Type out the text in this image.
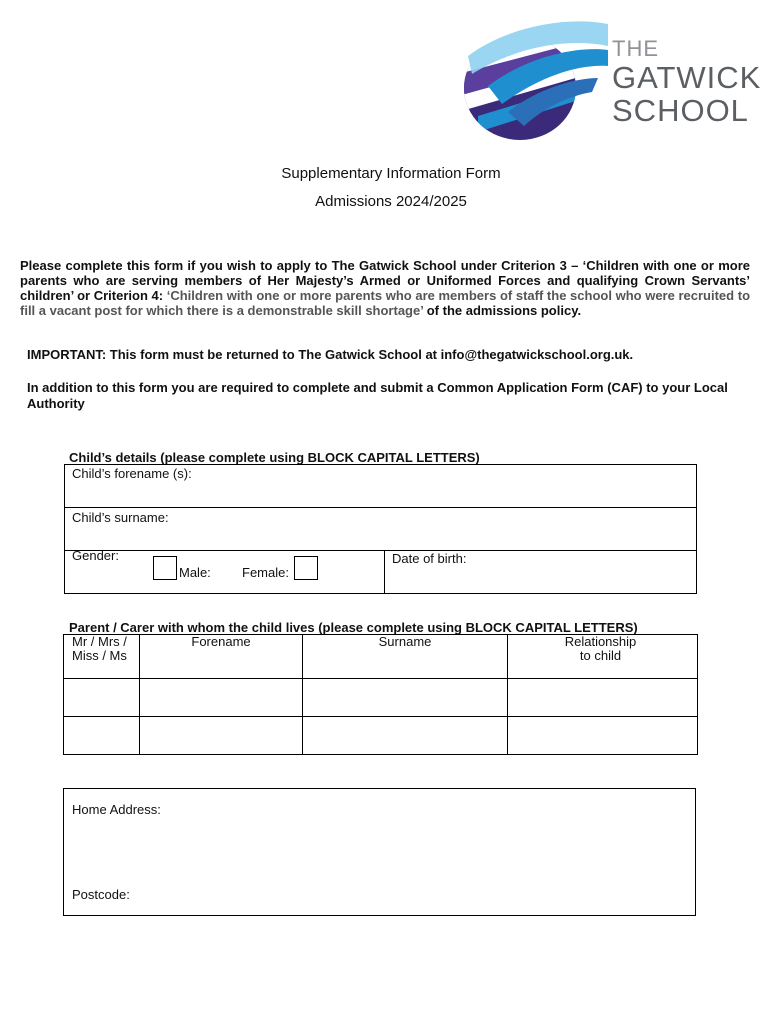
THE
GATWICK
SCHOOL
Supplementary Information Form
Admissions 2024/2025
Please complete this form if you wish to apply to The Gatwick School under Criterion 3 – ‘Children with one or more parents who are serving members of Her Majesty’s Armed or Uniformed Forces and qualifying Crown Servants’ children’ or Criterion 4: ‘Children with one or more parents who are members of staff the school who were recruited to fill a vacant post for which there is a demonstrable skill shortage’ of the admissions policy.
IMPORTANT: This form must be returned to The Gatwick School at info@thegatwickschool.org.uk.
In addition to this form you are required to complete and submit a Common Application Form (CAF) to your Local Authority
Child’s details (please complete using BLOCK CAPITAL LETTERS)
Child’s forename (s):
Child’s surname:
Gender:
Male: Female:
Date of birth:
Parent / Carer with whom the child lives (please complete using BLOCK CAPITAL LETTERS)
Mr / Mrs / Miss / Ms	Forename	Surname	Relationship to child

Home Address:
Postcode:
